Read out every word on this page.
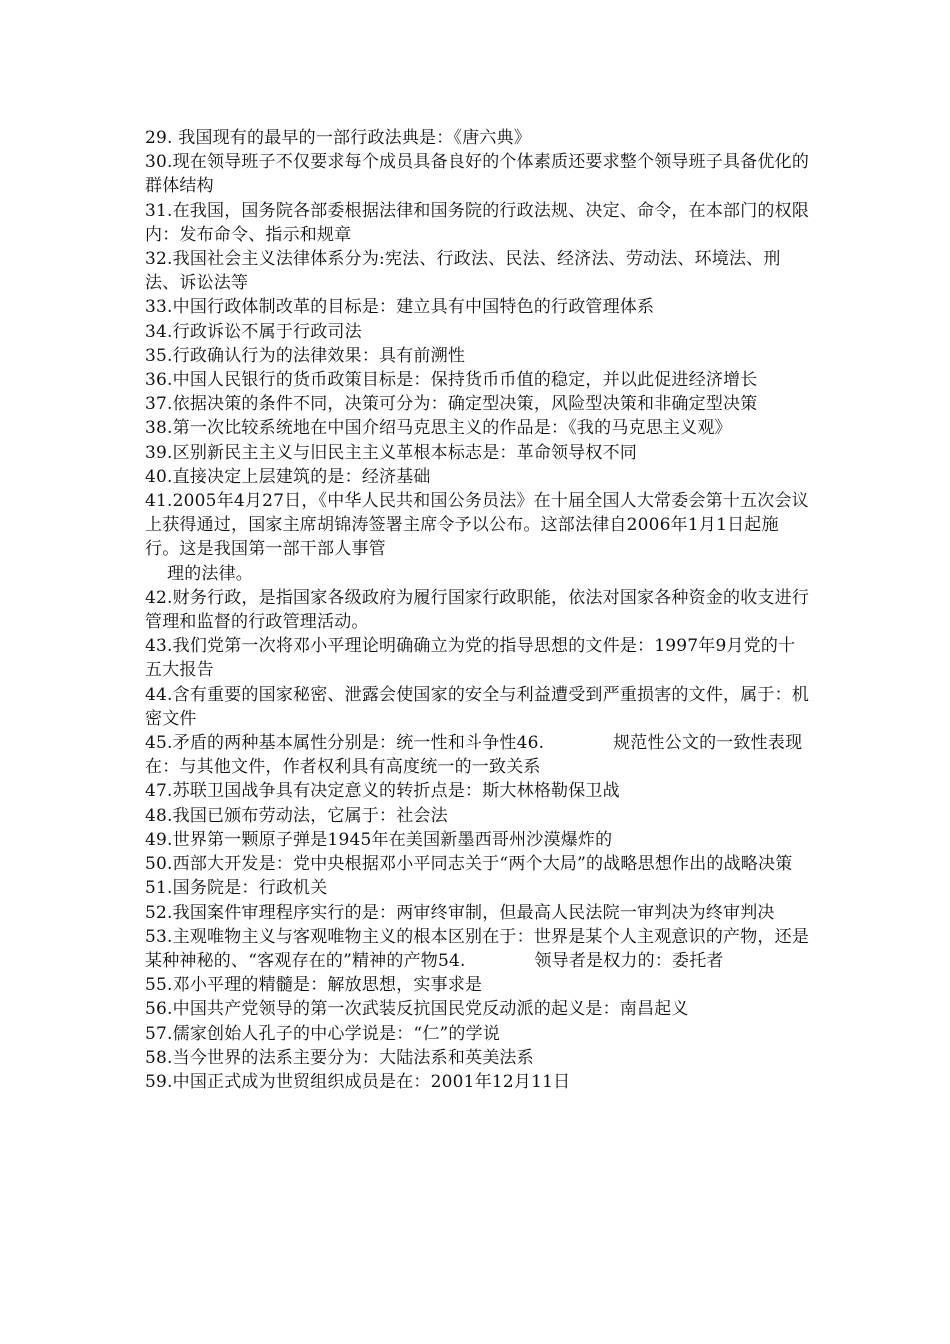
29. 我国现有的最早的一部行政法典是：《唐六典》

30.现在领导班子不仅要求每个成员具备良好的个体素质还要求整个领导班子具备优化的群体结构

31.在我国，国务院各部委根据法律和国务院的行政法规、决定、命令，在本部门的权限内：发布命令、指示和规章

32.我国社会主义法律体系分为:宪法、行政法、民法、经济法、劳动法、环境法、刑法、诉讼法等

33.中国行政体制改革的目标是：建立具有中国特色的行政管理体系

34.行政诉讼不属于行政司法

35.行政确认行为的法律效果：具有前溯性

36.中国人民银行的货币政策目标是：保持货币币值的稳定，并以此促进经济增长

37.依据决策的条件不同，决策可分为：确定型决策，风险型决策和非确定型决策

38.第一次比较系统地在中国介绍马克思主义的作品是：《我的马克思主义观》

39.区别新民主主义与旧民主主义革根本标志是：革命领导权不同

40.直接决定上层建筑的是：经济基础

41.2005年4月27日，《中华人民共和国公务员法》在十届全国人大常委会第十五次会议上获得通过，国家主席胡锦涛签署主席令予以公布。这部法律自2006年1月1日起施行。这是我国第一部干部人事管

理的法律。

42.财务行政，是指国家各级政府为履行国家行政职能，依法对国家各种资金的收支进行管理和监督的行政管理活动。

43.我们党第一次将邓小平理论明确确立为党的指导思想的文件是：1997年9月党的十五大报告

44.含有重要的国家秘密、泄露会使国家的安全与利益遭受到严重损害的文件，属于：机密文件

45.矛盾的两种基本属性分别是：统一性和斗争性46.　　　　规范性公文的一致性表现在：与其他文件，作者权利具有高度统一的一致关系

47.苏联卫国战争具有决定意义的转折点是：斯大林格勒保卫战

48.我国已颁布劳动法，它属于：社会法

49.世界第一颗原子弹是1945年在美国新墨西哥州沙漠爆炸的

50.西部大开发是：党中央根据邓小平同志关于“两个大局”的战略思想作出的战略决策

51.国务院是：行政机关

52.我国案件审理程序实行的是：两审终审制，但最高人民法院一审判决为终审判决

53.主观唯物主义与客观唯物主义的根本区别在于：世界是某个人主观意识的产物，还是某种神秘的、“客观存在的”精神的产物54.　　　　领导者是权力的：委托者

55.邓小平理的精髓是：解放思想，实事求是

56.中国共产党领导的第一次武装反抗国民党反动派的起义是：南昌起义

57.儒家创始人孔子的中心学说是：“仁”的学说

58.当今世界的法系主要分为：大陆法系和英美法系

59.中国正式成为世贸组织成员是在：2001年12月11日
